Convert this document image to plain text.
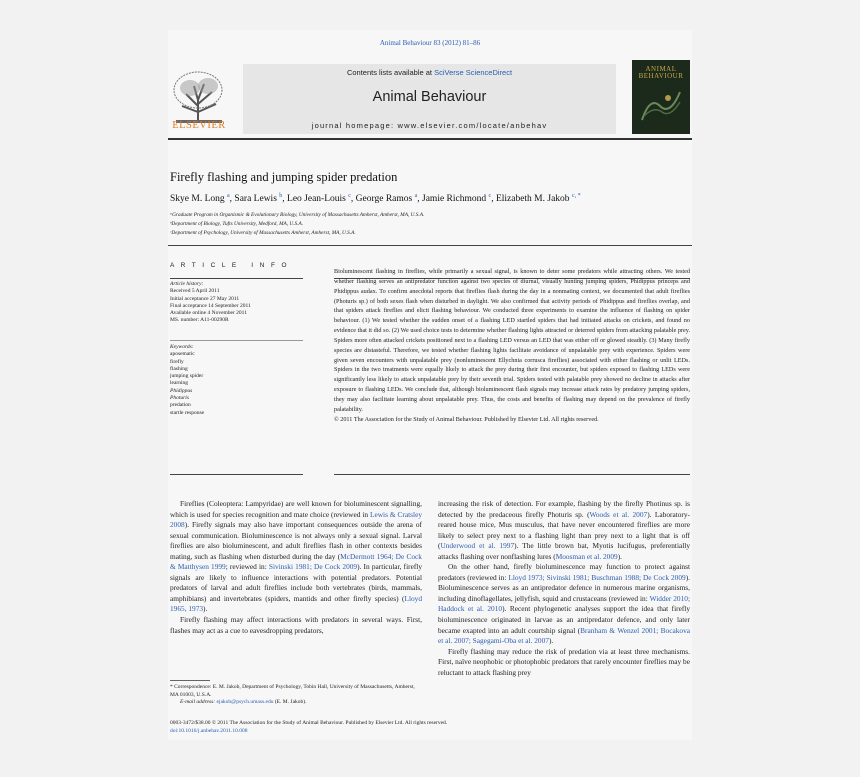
Animal Behaviour 83 (2012) 81–86
ELSEVIER
Contents lists available at SciVerse ScienceDirect
Animal Behaviour
journal homepage: www.elsevier.com/locate/anbehav
ANIMAL BEHAVIOUR
Firefly flashing and jumping spider predation
Skye M. Long $^a$, Sara Lewis $^b$, Leo Jean-Louis $^c$, George Ramos $^a$, Jamie Richmond $^c$, Elizabeth M. Jakob $^{c, *}$
ᵃGraduate Program in Organismic & Evolutionary Biology, University of Massachusetts Amherst, Amherst, MA, U.S.A.
ᵇDepartment of Biology, Tufts University, Medford, MA, U.S.A.
ᶜDepartment of Psychology, University of Massachusetts Amherst, Amherst, MA, U.S.A.
A R T I C L E   I N F O
Article history:
Received 5 April 2011
Initial acceptance 27 May 2011
Final acceptance 14 September 2011
Available online 4 November 2011
MS. number: A11-00290R
Keywords:
aposematic
firefly
flashing
jumping spider
learning
Phidippus
Photuris
predation
startle response
Bioluminescent flashing in fireflies, while primarily a sexual signal, is known to deter some predators while attracting others. We tested whether flashing serves an antipredator function against two species of diurnal, visually hunting jumping spiders, Phidippus princeps and Phidippus audax. To confirm anecdotal reports that fireflies flash during the day in a nonmating context, we documented that adult fireflies (Photuris sp.) of both sexes flash when disturbed in daylight. We also confirmed that activity periods of Phidippus and fireflies overlap, and that spiders attack fireflies and elicit flashing behaviour. We conducted three experiments to examine the influence of flashing on spider behaviour. (1) We tested whether the sudden onset of a flashing LED startled spiders that had initiated attacks on crickets, and found no evidence that it did so. (2) We used choice tests to determine whether flashing lights attracted or deterred spiders from attacking palatable prey. Spiders more often attacked crickets positioned next to a flashing LED versus an LED that was either off or glowed steadily. (3) Many firefly species are distasteful. Therefore, we tested whether flashing lights facilitate avoidance of unpalatable prey with experience. Spiders were given seven encounters with unpalatable prey (nonluminescent Ellychnia corrusca fireflies) associated with either flashing or unlit LEDs. Spiders in the two treatments were equally likely to attack the prey during their first encounter, but spiders exposed to flashing LEDs were significantly less likely to attack unpalatable prey by their seventh trial. Spiders tested with palatable prey showed no decline in attacks after exposure to flashing LEDs. We conclude that, although bioluminescent flash signals may increase attack rates by predatory jumping spiders, they may also facilitate learning about unpalatable prey. Thus, the costs and benefits of flashing may depend on the prevalence of firefly palatability.
© 2011 The Association for the Study of Animal Behaviour. Published by Elsevier Ltd. All rights reserved.

Fireflies (Coleoptera: Lampyridae) are well known for bioluminescent signalling, which is used for species recognition and mate choice (reviewed in Lewis & Cratsley 2008). Firefly signals may also have important consequences outside the arena of sexual communication. Bioluminescence is not always only a sexual signal. Larval fireflies are also bioluminescent, and adult fireflies flash in other contexts besides mating, such as flashing when disturbed during the day (McDermott 1964; De Cock & Matthysen 1999; reviewed in: Sivinski 1981; De Cock 2009). In particular, firefly signals are likely to influence interactions with potential predators. Potential predators of larval and adult fireflies include both vertebrates (birds, mammals, amphibians) and invertebrates (spiders, mantids and other firefly species) (Lloyd 1965, 1973).

Firefly flashing may affect interactions with predators in several ways. First, flashes may act as a cue to eavesdropping predators,

increasing the risk of detection. For example, flashing by the firefly Photinus sp. is detected by the predaceous firefly Photuris sp. (Woods et al. 2007). Laboratory-reared house mice, Mus musculus, that have never encountered fireflies are more likely to select prey next to a flashing light than prey next to a light that is off (Underwood et al. 1997). The little brown bat, Myotis lucifugus, preferentially attacks flashing over nonflashing lures (Moosman et al. 2009).

On the other hand, firefly bioluminescence may function to protect against predators (reviewed in: Lloyd 1973; Sivinski 1981; Buschman 1988; De Cock 2009). Bioluminescence serves as an antipredator defence in numerous marine organisms, including dinoflagellates, jellyfish, squid and crustaceans (reviewed in: Widder 2010; Haddock et al. 2010). Recent phylogenetic analyses support the idea that firefly bioluminescence originated in larvae as an antipredator defence, and only later became exapted into an adult courtship signal (Branham & Wenzel 2001; Bocakova et al. 2007; Sagegami-Oba et al. 2007).

Firefly flashing may reduce the risk of predation via at least three mechanisms. First, naïve neophobic or photophobic predators that rarely encounter fireflies may be reluctant to attack flashing prey

* Correspondence: E. M. Jakob, Department of Psychology, Tobin Hall, University of Massachusetts, Amherst, MA 01003, U.S.A.
E-mail address: ejakob@psych.umass.edu (E. M. Jakob).
0003-3472/$38.00 © 2011 The Association for the Study of Animal Behaviour. Published by Elsevier Ltd. All rights reserved.
doi:10.1016/j.anbehav.2011.10.008
